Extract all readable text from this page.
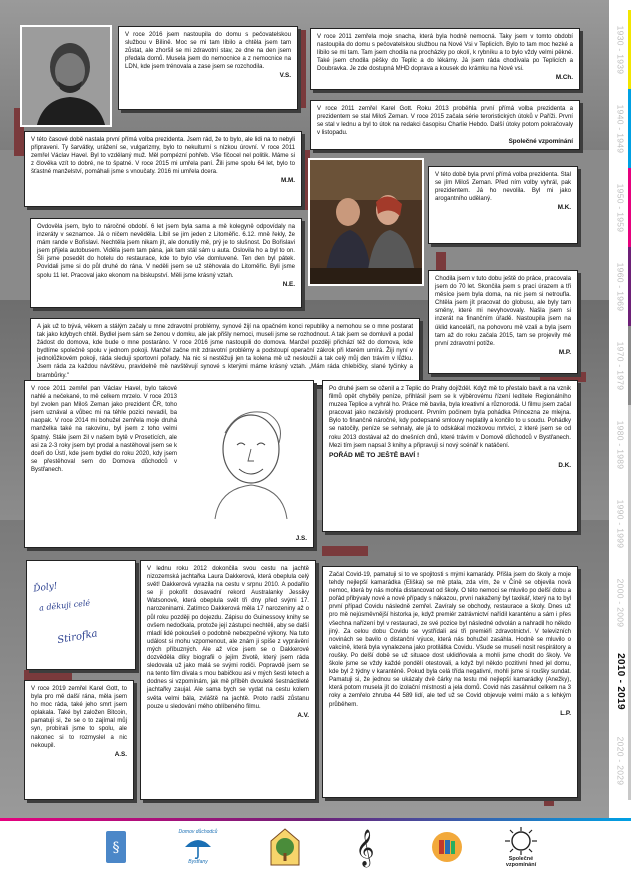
V roce 2016 jsem nastoupila do domu s pečovatelskou službou v Bílině. Moc se mi tam líbilo a chtěla jsem tam zůstat, ale zhoršil se mi zdravotní stav, ze dne na den jsem předala domů. Musela jsem do nemocnice a z nemocnice na LDN, kde jsem trénovala a zase jsem se rozchodila.

V.S.

V roce 2011 zemřela moje snacha, která byla hodně nemocná. Taky jsem v tomto období nastoupila do domu s pečovatelskou službou na Nové Vsi v Teplicích. Bylo to tam moc hezké a líbilo se mi tam. Tam jsem chodila na procházky po okolí, k rybníku a to bylo vždy velmi pěkné. Také jsem chodila pěšky do Teplic a do lékárny. Já jsem ráda chodívala po Teplicích a Doubravka. Je zde dostupná MHD doprava a kousek do krámku na Nové vsi.

M.Ch.

V roce 2011 zemřel Karel Gott. Roku 2013 proběhla první přímá volba prezidenta a prezidentem se stal Miloš Zeman. V roce 2015 začala série teroristických útoků v Paříži. První se stal v lednu a byl to útok na redakci časopisu Charlie Hebdo. Další útoky potom pokračovaly v listopadu.

Společné vzpomínání

V této časové době nastala první přímá volba prezidenta. Jsem rád, že to bylo, ale lidi na to nebyli připraveni. Ty šarvátky, urážení se, vulgarizmy, bylo to nekulturní s nízkou úrovní. V roce 2011 zemřel Václav Havel. Byl to vzdělaný muž. Měl pompézní pohřeb. Vše fičocel nel politik. Máme si z člověka vzít to dobré, ne to špatné. V roce 2015 mi umřela paní. Žili jsme spolu 64 let, bylo to šťastné manželství, pomáhali jsme s vnoučaty. 2016 mi umřela dcera.

M.M.

V této době byla první přímá volba prezidenta. Stal se jím Miloš Zeman. Před ním volby vyhrál, pak prezidentem. Já ho nevolila. Byl mi jako arogantního udělaný.

M.K.

Ovdověla jsem, bylo to náročné období. 6 let jsem byla sama a mě kolegyně odpovídaly na inzeráty v seznamce. Já o ničem nevěděla. Líbil se jim jeden z Litoměřic. 6.12. mně řekly, že mám rande v Bořislavi. Nechtěla jsem nikam jít, ale donutily mě, prý je to slušnost. Do Bořislavi jsem přijela autobusem. Viděla jsem tam pána, jak tam stál sám u auta. Oslovila ho a byl to on. Šli jsme posedět do hotelu do restaurace, kde to bylo vše domluvené. Ten den byl pátek. Povídali jsme si do půl druhé do rána. V neděli jsem se už stěhovala do Litoměřic. Byli jsme spolu 11 let. Pracoval jako ekonom na biskupství. Měli jsme krásný vztah.

N.E.

Chodila jsem v tuto dobu ještě do práce, pracovala jsem do 70 let. Skončila jsem s prací úrazem a tři měsíce jsem byla doma, na nic jsem si netroufla. Chtěla jsem jít pracovat do globusu, ale byly tam směny, které mi nevyhovovaly. Našla jsem si inzerát na finančním úřadě. Nastoupila jsem na úklid kanceláří, na pohovoru mě vzali a byla jsem tam až do roku začala 2015, tam se projevily mé první zdravotní potíže.

M.P.

A jak už to bývá, věkem a stálým začaly u mne zdravotní problémy, synové žijí na opačném konci republiky a nemohou se o mne postarat tak jako kdybych chtěl. Bydlel jsem sám se ženou v domku, ale jak přišly nemoci, museli jsme se rozhodnout. A tak jsem se domluvil a podal žádost do domova, kde bude o mne postaráno. V roce 2016 jsme nastoupili do domova. Manžel později přichází též do domova, kde bydlíme společně spolu v jednom pokoji. Manžel začne mít zdravotní problémy a podstoupí operační zákrok při kterém umírá. Žiji nyní v jednolůžkovém pokoji, ráda sleduji sportovní pořady. Na nic si nestěžuji jen ta kolena mě už nesloužíi a tak celý můj den trávím v lůžku. Jsem ráda za každou návštěvu, pravidelně mě navštěvují synové s kterými máme krásný vztah. „Mám ráda chlebíčky, slané tyčinky a brambůrky."

V roce 2011 zemřel pan Václav Havel, bylo takové nahlé a nečekané, to mě celkem mrzelo. V roce 2013 byl zvolen pan Miloš Zeman jako prezident ČR, toho jsem uznával a vůbec mi na téhle pozici nevadil, ba naopak. V roce 2014 mi bohužel zemřela moje druhá manželka také na rakovinu, byl jsem z toho velmi špatný. Stále jsem žil v našem bytě v Prosetících, ale asi za 2-3 roky jsem byt prodal a nastěhoval jsem se k dceři do Ústí, kde jsem bydlel do roku 2020, kdy jsem se přestěhoval sem do Domova důchodců v Bystřanech.

J.S.

Po druhé jsem se oženil a z Teplic do Prahy dojížděl. Když mě to přestalo bavit a na vznik filmů opět chyběly peníze, přihlásil jsem se k výběrovému řízení ledítele Regionálního muzea Teplice a vyhrál ho. Práce mě bavila, byla kreativní a různorodá. U filmu jsem začal pracovat jako nezávislý producent. Prvním počinem byla pohádka Princezna ze mlejna. Bylo to finančně náročné, kdy podepsané smlouvy neplatily a končilo to u soudu. Pohádky se natočily, peníze se sehnaly, ale já to odskákal mozkovou mrtvicí, z které jsem se od roku 2013 dostával až do dnešních dnů, které trávím v Domově důchodců v Bystřanech. Mezi tím jsem napsal 3 knihy a připravuji si nový scénář k natáčení.

POŘÁD MĚ TO JEŠTĚ BAVÍ !

D.K.
Ďoly!
a děkuji celé
Stirofka

V lednu roku 2012 dokončila svou cestu na jachtě nizozemská jachtařka Laura Dakkerová, která obeplula celý svět! Dakkerová vyrazila na cestu v srpnu 2010. A podařilo se jí pokořit dosavadní rekord Australanky Jessiky Watsonové, která obeplula svět tři dny před svými 17. narozeninami. Zatímco Dakkerová měla 17 narozeniny až o půl roku později po dojezdu. Zápisu do Guinessovy knihy se ovšem nedočkala, protože její zástupci nechtěli, aby se další mladí lidé pokoušeli o podobně nebezpečné výkony. Na tuto událost si mohu vzpomenout, ale znám ji spíše z vyprávění mých příbuzných. Ale až více jsem se o Dakkerové dozvěděla díky biografii o jejím životě, který jsem ráda sledovala už jako malá se svými rodiči. Popravdě jsem se na tento film dívala s mou babičkou asi v mých šesti letech a dodnes si vzpomínám, jak mě příběh dvouleté šestnáctileté jachtařky zaujal. Ale sama bych se vydat na cestu kolem světa velmi bála, zvláště na jachtě. Proto radši zůstanu pouze u sledování mého oblíbeného filmu.

A.V.

V roce 2019 zemřel Karel Gott, to byla pro mě další rána, měla jsem ho moc ráda, také jeho smrt jsem oplakala. Také byl založen Bitcoin, pamatuji si, že se o to zajímal můj syn, probírali jsme to spolu, ale nakonec si to rozmyslel a nic nekoupil.

A.S.

Začal Covid-19, pamatuji si to ve spojitosti s mými kamarády. Přišla jsem do školy a moje tehdy nejlepší kamarádka (Eliška) se mě ptala, zda vím, že v Číně se objevila nová nemoc, která by nás mohla distancovat od školy. O této nemoci se mluvilo po delší dobu a pořád přibývaly nové a nové případy s nákazou, první nakažený byl taxikář, který na to byl první případ Covidu následně zemřel. Zavíraly se obchody, restaurace a školy. Dnes už pro mě nejúsměvnější historka je, když premiér zatrávnictví nařídil karanténu a sám i přes všechna nařízení byl v restauraci, ze své pozice byl následné odvolán a nahradil ho někdo jiný. Za celou dobu Covidu se vystřídali asi tři premiéři zdravotnictví. V televizních novinách se bavilo o distanční výuce, která nás bohužel zasáhla. Hodně se mluvilo o vakcíně, která byla vynalezena jako protilátka Covidu. Všude se museli nosit respirátory a roušky. Po delší době se už situace dost uklidňovala a mohli jsme chodit do školy. Ve škole jsme se vždy každé pondělí otestovali, a když byl někdo pozitivní hned jel domu, kde byl 2 týdny v karanténě. Pokud byla celá třída negativní, mohli jsme si roušky sundat. Pamatuji si, že jednou se ukázaly dvě čárky na testu mé nejlepší kamarádky (Anežky), která potom musela jít do izolační místnosti a jela domů. Covid nás zasáhnul celkem na 3 roky a zemřelo zhruba 44 589 lidí, ale teď už se Covid objevuje velmi málo a s lehkým průběhem.

L.P.
1930 - 1939
1940 - 1949
1950 - 1959
1960 - 1969
1970 - 1979
1980 - 1989
1990 - 1999
2000 - 2009
2010 - 2019
2020 - 2029
§
Domov důchodců
Bystřany	𝄞	Společné vzpomínání
